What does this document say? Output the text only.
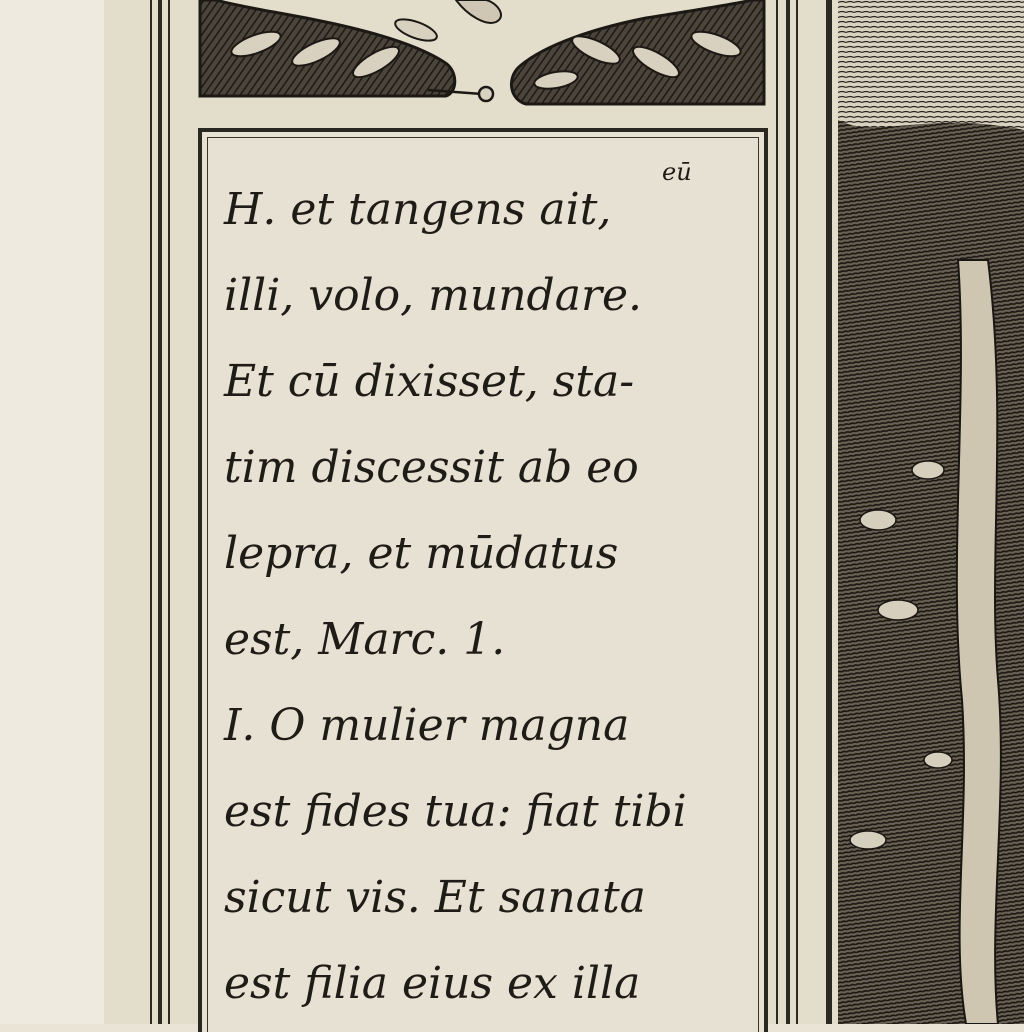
eū
H. et tangens ait,
illi, volo, mundare.
Et cū dixisset, sta-
tim discessit ab eo
lepra, et mūdatus
est, Marc. 1.
I. O mulier magna
est fides tua: fiat tibi
sicut vis. Et sanata
est filia eius ex illa
